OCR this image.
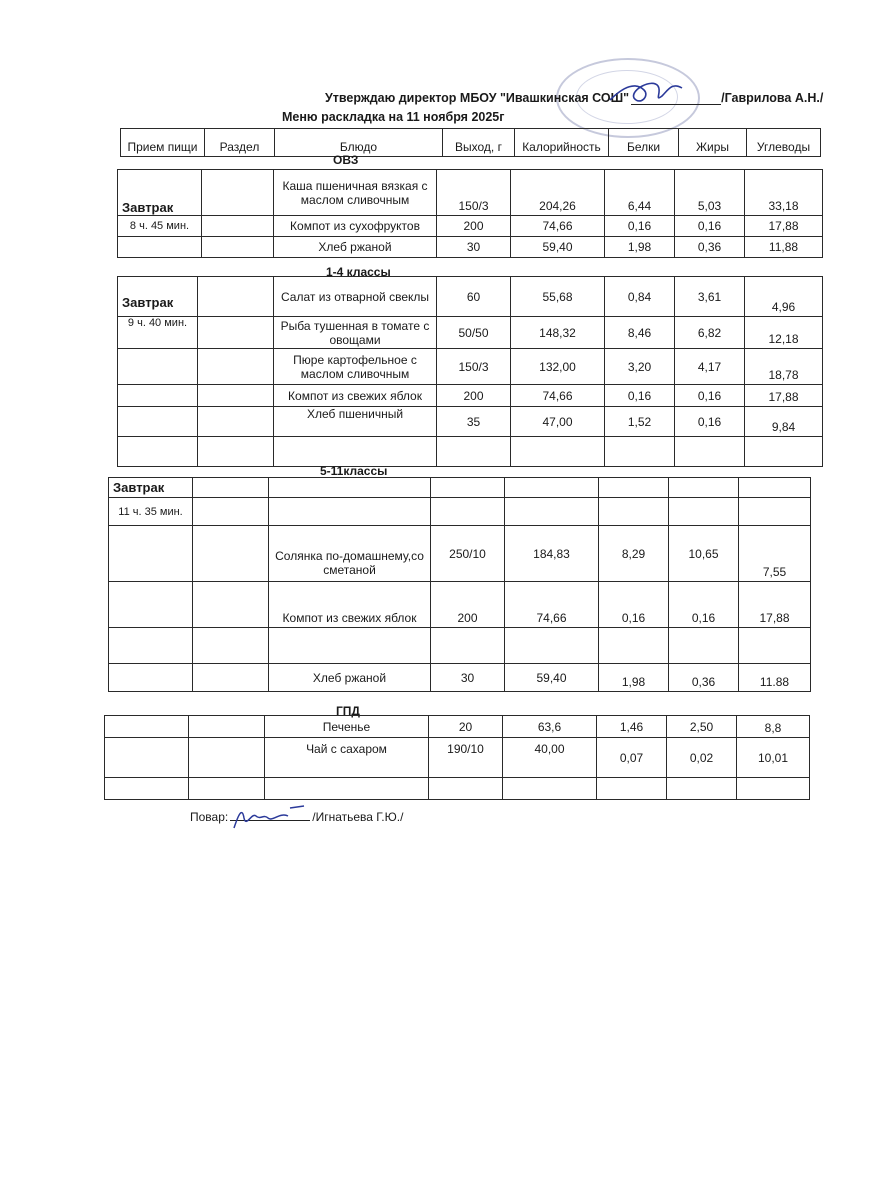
Утверждаю директор МБОУ "Ивашкинская СОШ"	/Гаврилова А.Н./
Меню раскладка на 11 ноября 2025г
Прием пищи	Раздел	Блюдо	Выход, г	Калорийность	Белки	Жиры	Углеводы
ОВЗ
Завтрак		Каша пшеничная вязкая с маслом сливочным	150/3	204,26	6,44	5,03	33,18
8 ч. 45 мин.		Компот из сухофруктов	200	74,66	0,16	0,16	17,88
		Хлеб ржаной	30	59,40	1,98	0,36	11,88
1-4 классы
Завтрак		Салат из отварной свеклы	60	55,68	0,84	3,61	4,96
9 ч. 40 мин.		Рыба тушенная в томате с овощами	50/50	148,32	8,46	6,82	12,18
		Пюре картофельное с маслом сливочным	150/3	132,00	3,20	4,17	18,78
		Компот из свежих яблок	200	74,66	0,16	0,16	17,88
		Хлеб пшеничный	35	47,00	1,52	0,16	9,84

5-11классы
Завтрак							
11 ч. 35 мин.							
		Солянка по-домашнему,со сметаной	250/10	184,83	8,29	10,65	7,55
		Компот из свежих яблок	200	74,66	0,16	0,16	17,88

		Хлеб ржаной	30	59,40	1,98	0,36	11.88
ГПД
		Печенье	20	63,6	1,46	2,50	8,8
		Чай с сахаром	190/10	40,00	0,07	0,02	10,01

Повар:	/Игнатьева Г.Ю./
